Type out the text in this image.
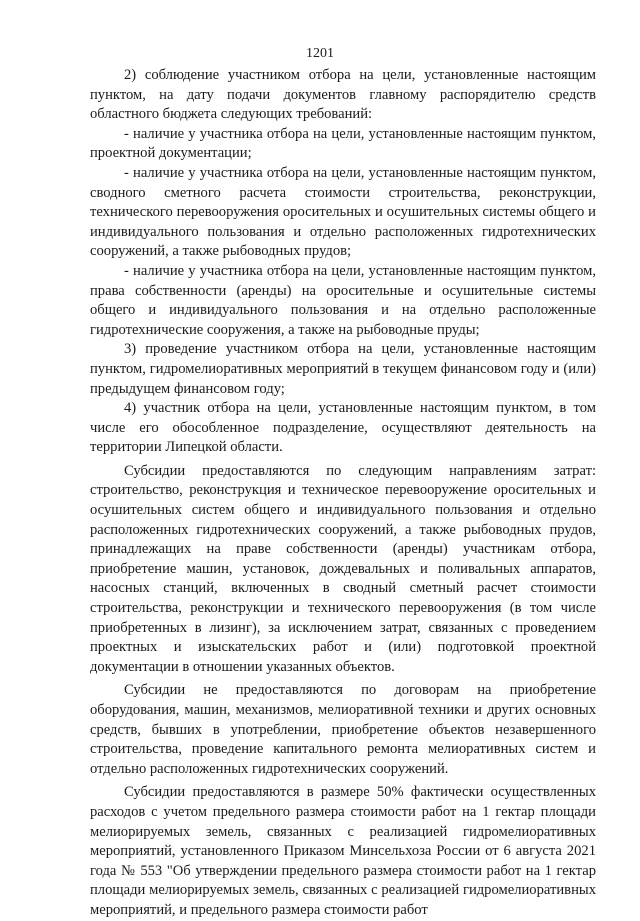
1201

2) соблюдение участником отбора на цели, установленные настоящим пунктом, на дату подачи документов главному распорядителю средств областного бюджета следующих требований:

- наличие у участника отбора на цели, установленные настоящим пунктом, проектной документации;

- наличие у участника отбора на цели, установленные настоящим пунктом, сводного сметного расчета стоимости строительства, реконструкции, технического перевооружения оросительных и осушительных системы общего и индивидуального пользования и отдельно расположенных гидротехнических сооружений, а также рыбоводных прудов;

- наличие у участника отбора на цели, установленные настоящим пунктом, права собственности (аренды) на оросительные и осушительные системы общего и индивидуального пользования и на отдельно расположенные гидротехнические сооружения, а также на рыбоводные пруды;

3) проведение участником отбора на цели, установленные настоящим пунктом, гидромелиоративных мероприятий в текущем финансовом году и (или) предыдущем финансовом году;

4) участник отбора на цели, установленные настоящим пунктом, в том числе его обособленное подразделение, осуществляют деятельность на территории Липецкой области.

Субсидии предоставляются по следующим направлениям затрат: строительство, реконструкция и техническое перевооружение оросительных и осушительных систем общего и индивидуального пользования и отдельно расположенных гидротехнических сооружений, а также рыбоводных прудов, принадлежащих на праве собственности (аренды) участникам отбора, приобретение машин, установок, дождевальных и поливальных аппаратов, насосных станций, включенных в сводный сметный расчет стоимости строительства, реконструкции и технического перевооружения (в том числе приобретенных в лизинг), за исключением затрат, связанных с проведением проектных и изыскательских работ и (или) подготовкой проектной документации в отношении указанных объектов.

Субсидии не предоставляются по договорам на приобретение оборудования, машин, механизмов, мелиоративной техники и других основных средств, бывших в употреблении, приобретение объектов незавершенного строительства, проведение капитального ремонта мелиоративных систем и отдельно расположенных гидротехнических сооружений.

Субсидии предоставляются в размере 50% фактически осуществленных расходов с учетом предельного размера стоимости работ на 1 гектар площади мелиорируемых земель, связанных с реализацией гидромелиоративных мероприятий, установленного Приказом Минсельхоза России от 6 августа 2021 года № 553 "Об утверждении предельного размера стоимости работ на 1 гектар площади мелиорируемых земель, связанных с реализацией гидромелиоративных мероприятий, и предельного размера стоимости работ
